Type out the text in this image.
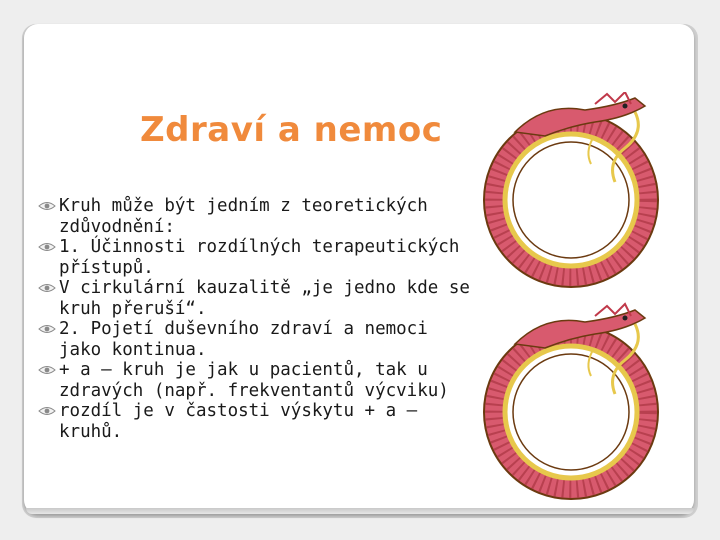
Zdraví a nemoc
Kruh může být jedním z teoretických zdůvodnění:
1. Účinnosti rozdílných terapeutických přístupů.
V cirkulární kauzalitě „je jedno kde se kruh přeruší“.
2. Pojetí duševního zdraví a nemoci jako kontinua.
+ a – kruh je jak u pacientů, tak u zdravých (např. frekventantů výcviku)
rozdíl je v častosti výskytu + a – kruhů.
